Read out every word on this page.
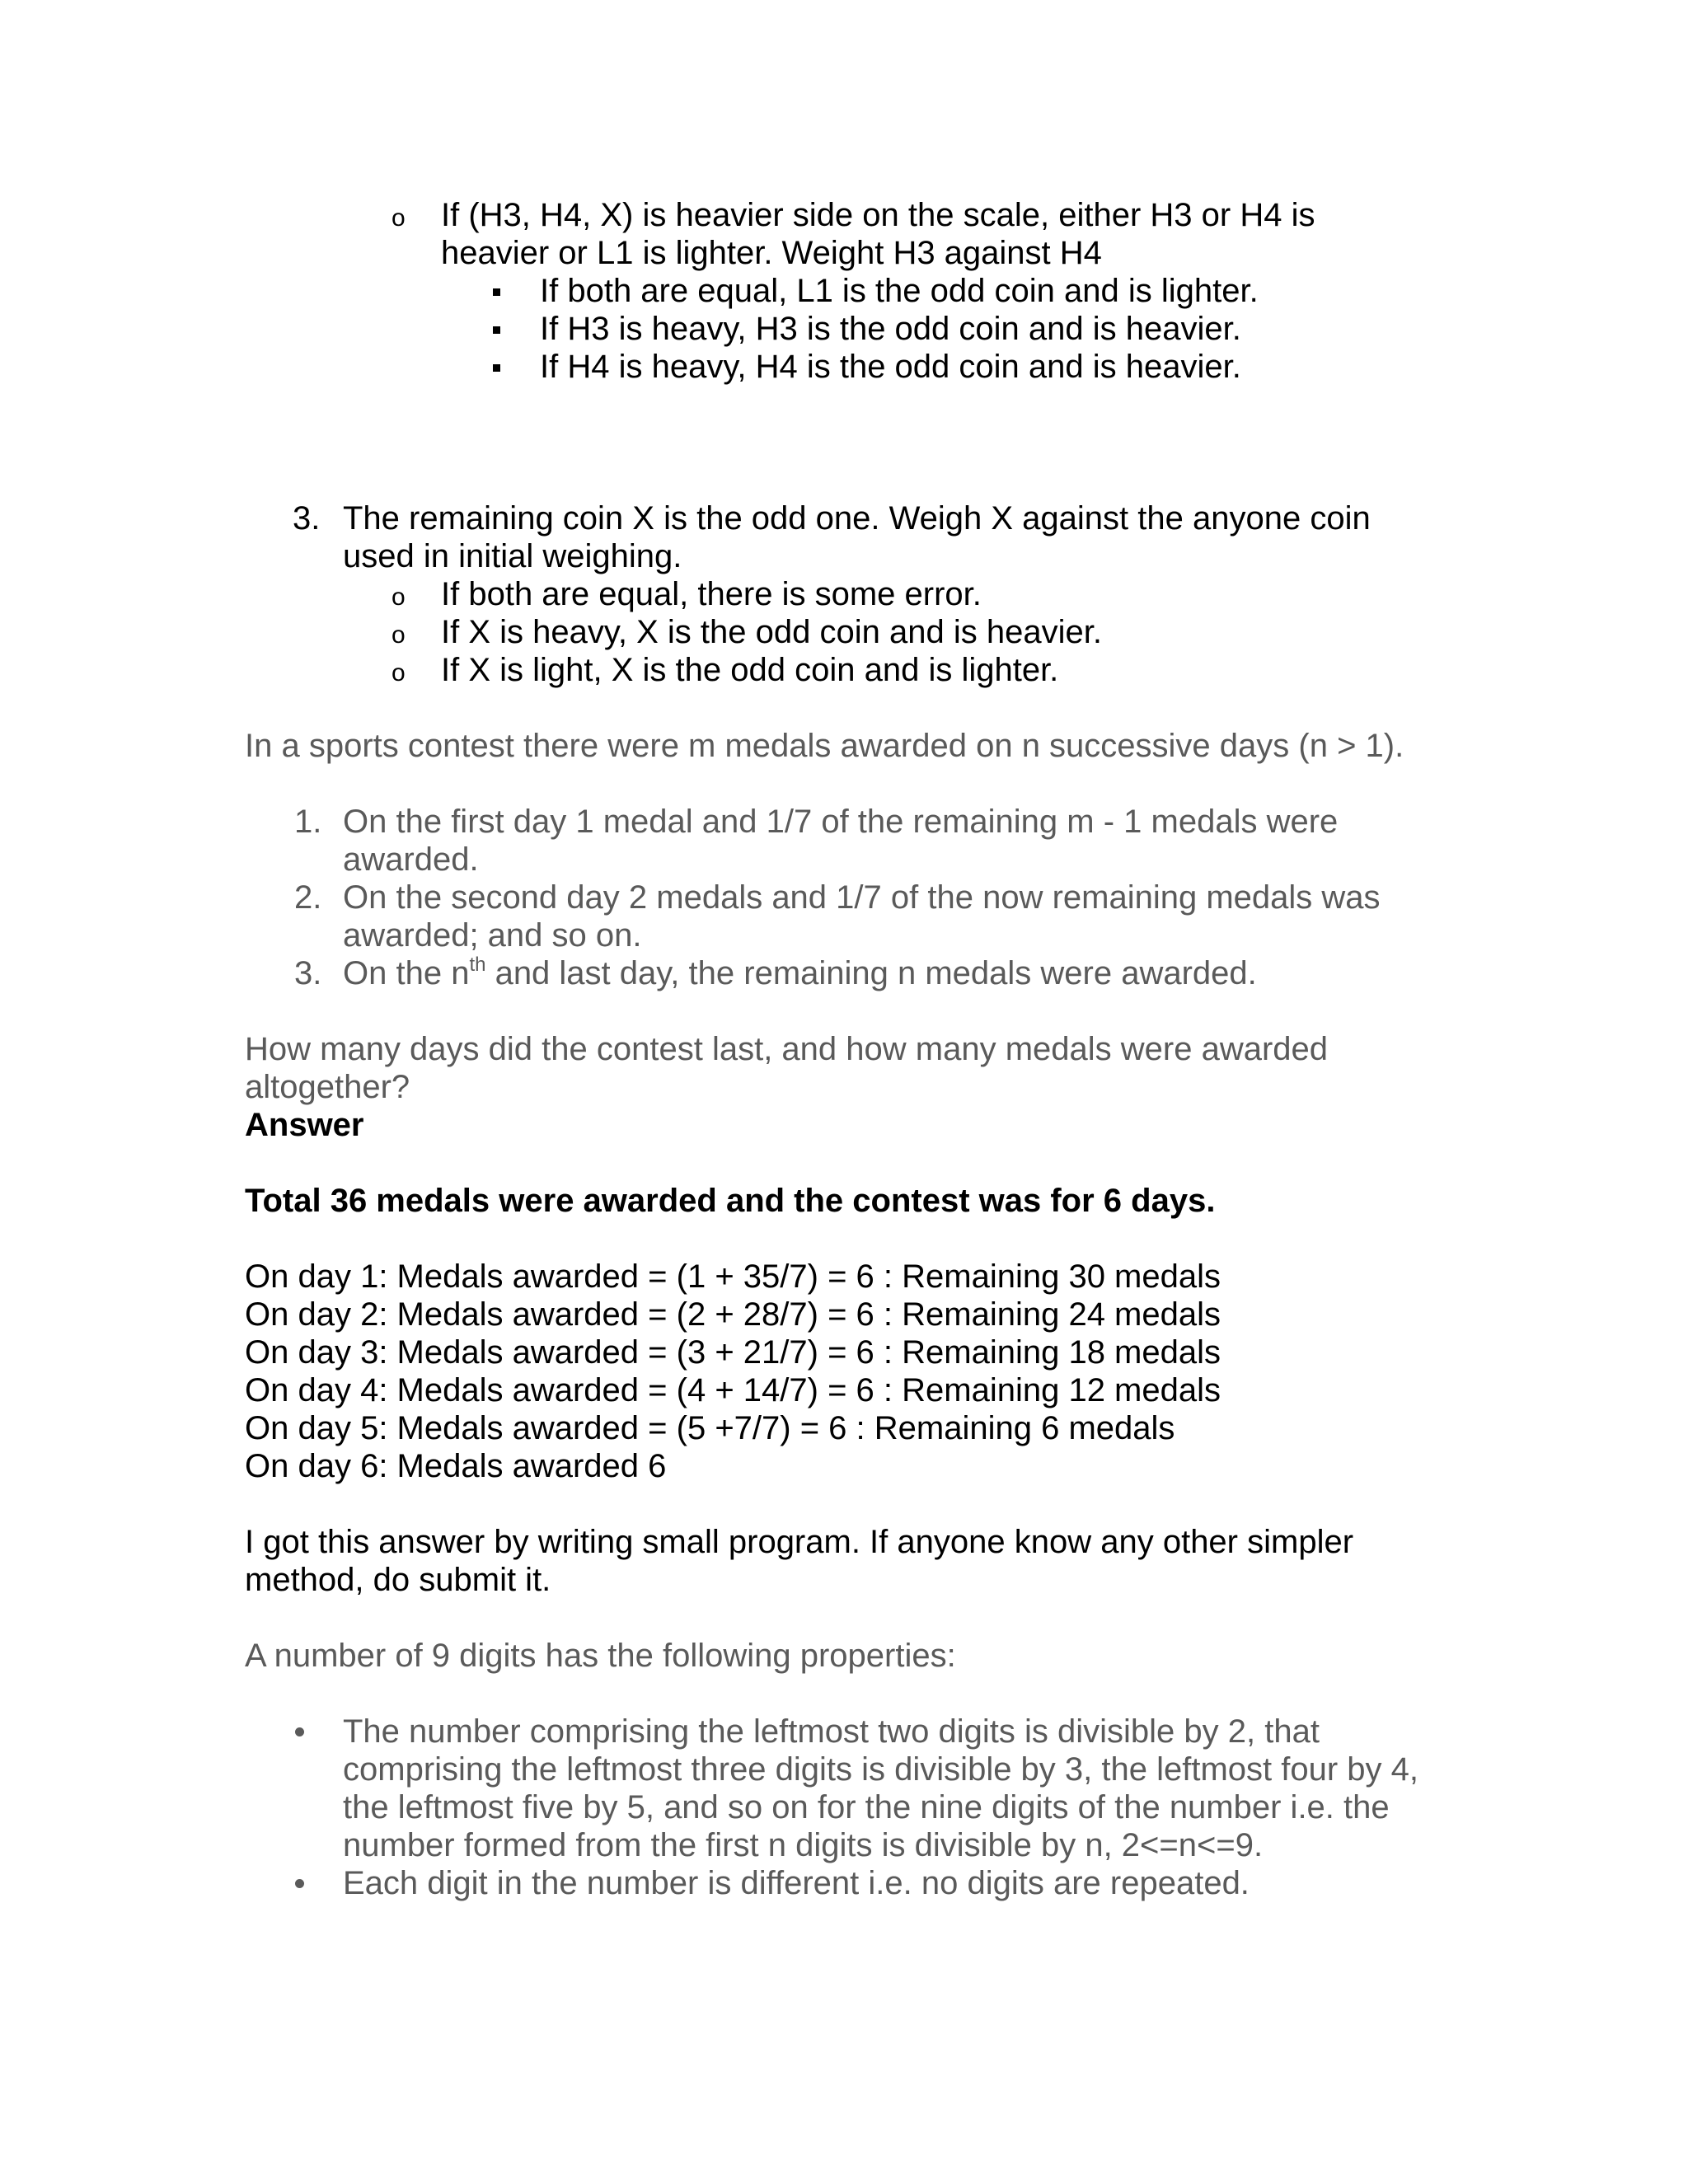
o If (H3, H4, X) is heavier side on the scale, either H3 or H4 is
heavier or L1 is lighter. Weight H3 against H4
If both are equal, L1 is the odd coin and is lighter.
If H3 is heavy, H3 is the odd coin and is heavier.
If H4 is heavy, H4 is the odd coin and is heavier.
3. The remaining coin X is the odd one. Weigh X against the anyone coin
used in initial weighing.
o If both are equal, there is some error.
o If X is heavy, X is the odd coin and is heavier.
o If X is light, X is the odd coin and is lighter.
In a sports contest there were m medals awarded on n successive days (n > 1).
1. On the first day 1 medal and 1/7 of the remaining m - 1 medals were
awarded.
2. On the second day 2 medals and 1/7 of the now remaining medals was
awarded; and so on.
3. On the $n^{th}$ and last day, the remaining n medals were awarded.
How many days did the contest last, and how many medals were awarded
altogether?
Answer
Total 36 medals were awarded and the contest was for 6 days.
On day 1: Medals awarded = (1 + 35/7) = 6 : Remaining 30 medals
On day 2: Medals awarded = (2 + 28/7) = 6 : Remaining 24 medals
On day 3: Medals awarded = (3 + 21/7) = 6 : Remaining 18 medals
On day 4: Medals awarded = (4 + 14/7) = 6 : Remaining 12 medals
On day 5: Medals awarded = (5 +7/7) = 6 : Remaining 6 medals
On day 6: Medals awarded 6
I got this answer by writing small program. If anyone know any other simpler
method, do submit it.
A number of 9 digits has the following properties:
The number comprising the leftmost two digits is divisible by 2, that
comprising the leftmost three digits is divisible by 3, the leftmost four by 4,
the leftmost five by 5, and so on for the nine digits of the number i.e. the
number formed from the first n digits is divisible by n, 2<=n<=9.
Each digit in the number is different i.e. no digits are repeated.
